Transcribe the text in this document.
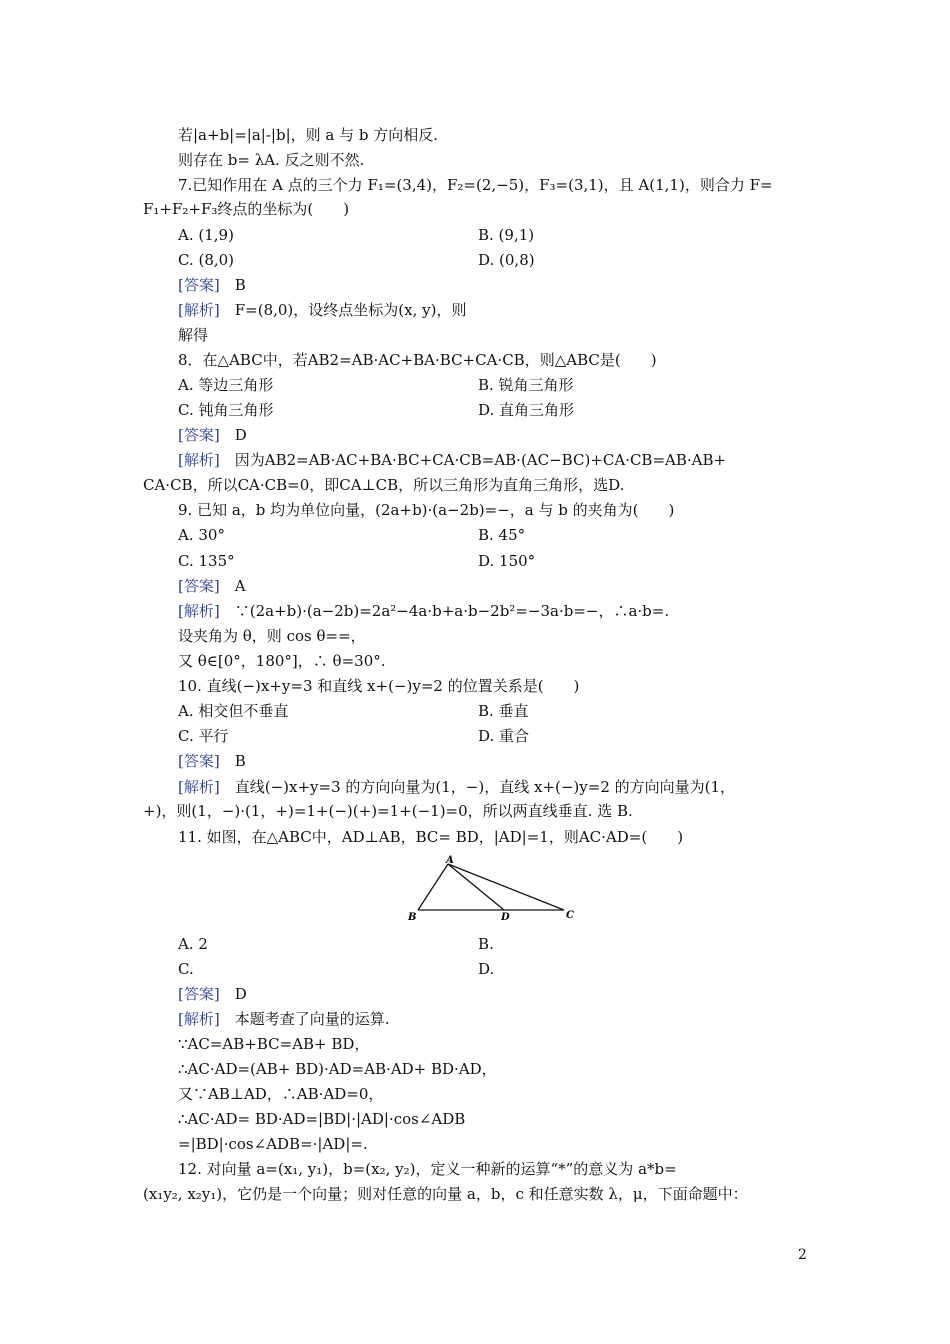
若|a+b|=|a|-|b|，则 a 与 b 方向相反.
则存在 b= λA. 反之则不然.
7.已知作用在 A 点的三个力 F₁=(3,4)，F₂=(2,−5)，F₃=(3,1)，且 A(1,1)，则合力 F=
F₁+F₂+F₃终点的坐标为(　　)
A. (1,9)	B. (9,1)
C. (8,0)	D. (0,8)
[答案]　 B
[解析]　 F=(8,0)，设终点坐标为(x, y)，则
解得
8．在△ABC中，若AB2=AB·AC+BA·BC+CA·CB，则△ABC是(　　)
A. 等边三角形	B. 锐角三角形
C. 钝角三角形	D. 直角三角形
[答案]　 D
[解析]　 因为AB2=AB·AC+BA·BC+CA·CB=AB·(AC−BC)+CA·CB=AB·AB+
CA·CB，所以CA·CB=0，即CA⊥CB，所以三角形为直角三角形，选D.
9. 已知 a，b 均为单位向量，(2a+b)·(a−2b)=−，a 与 b 的夹角为(　　)
A. 30°	B. 45°
C. 135°	D. 150°
[答案]　 A
[解析]　 ∵(2a+b)·(a−2b)=2a²−4a·b+a·b−2b²=−3a·b=−，∴a·b=.
设夹角为 θ，则 cos θ==，
又 θ∈[0°，180°]，∴ θ=30°.
10. 直线(−)x+y=3 和直线 x+(−)y=2 的位置关系是(　　)
A. 相交但不垂直	B. 垂直
C. 平行	D. 重合
[答案]　 B
[解析]　 直线(−)x+y=3 的方向向量为(1，−)，直线 x+(−)y=2 的方向向量为(1，
+)，则(1，−)·(1，+)=1+(−)(+)=1+(−1)=0，所以两直线垂直. 选 B.
11. 如图，在△ABC中，AD⊥AB，BC= BD，|AD|=1，则AC·AD=(　　)
A
B	D	C
A. 2	B.
C.	D.
[答案]　 D
[解析]　 本题考查了向量的运算.
∵AC=AB+BC=AB+ BD，
∴AC·AD=(AB+ BD)·AD=AB·AD+ BD·AD，
又∵AB⊥AD，∴AB·AD=0，
∴AC·AD= BD·AD=|BD|·|AD|·cos∠ADB
=|BD|·cos∠ADB=·|AD|=.
12. 对向量 a=(x₁, y₁)，b=(x₂, y₂)，定义一种新的运算“*”的意义为 a*b=
(x₁y₂, x₂y₁)，它仍是一个向量；则对任意的向量 a，b，c 和任意实数 λ，μ，下面命题中：
2
